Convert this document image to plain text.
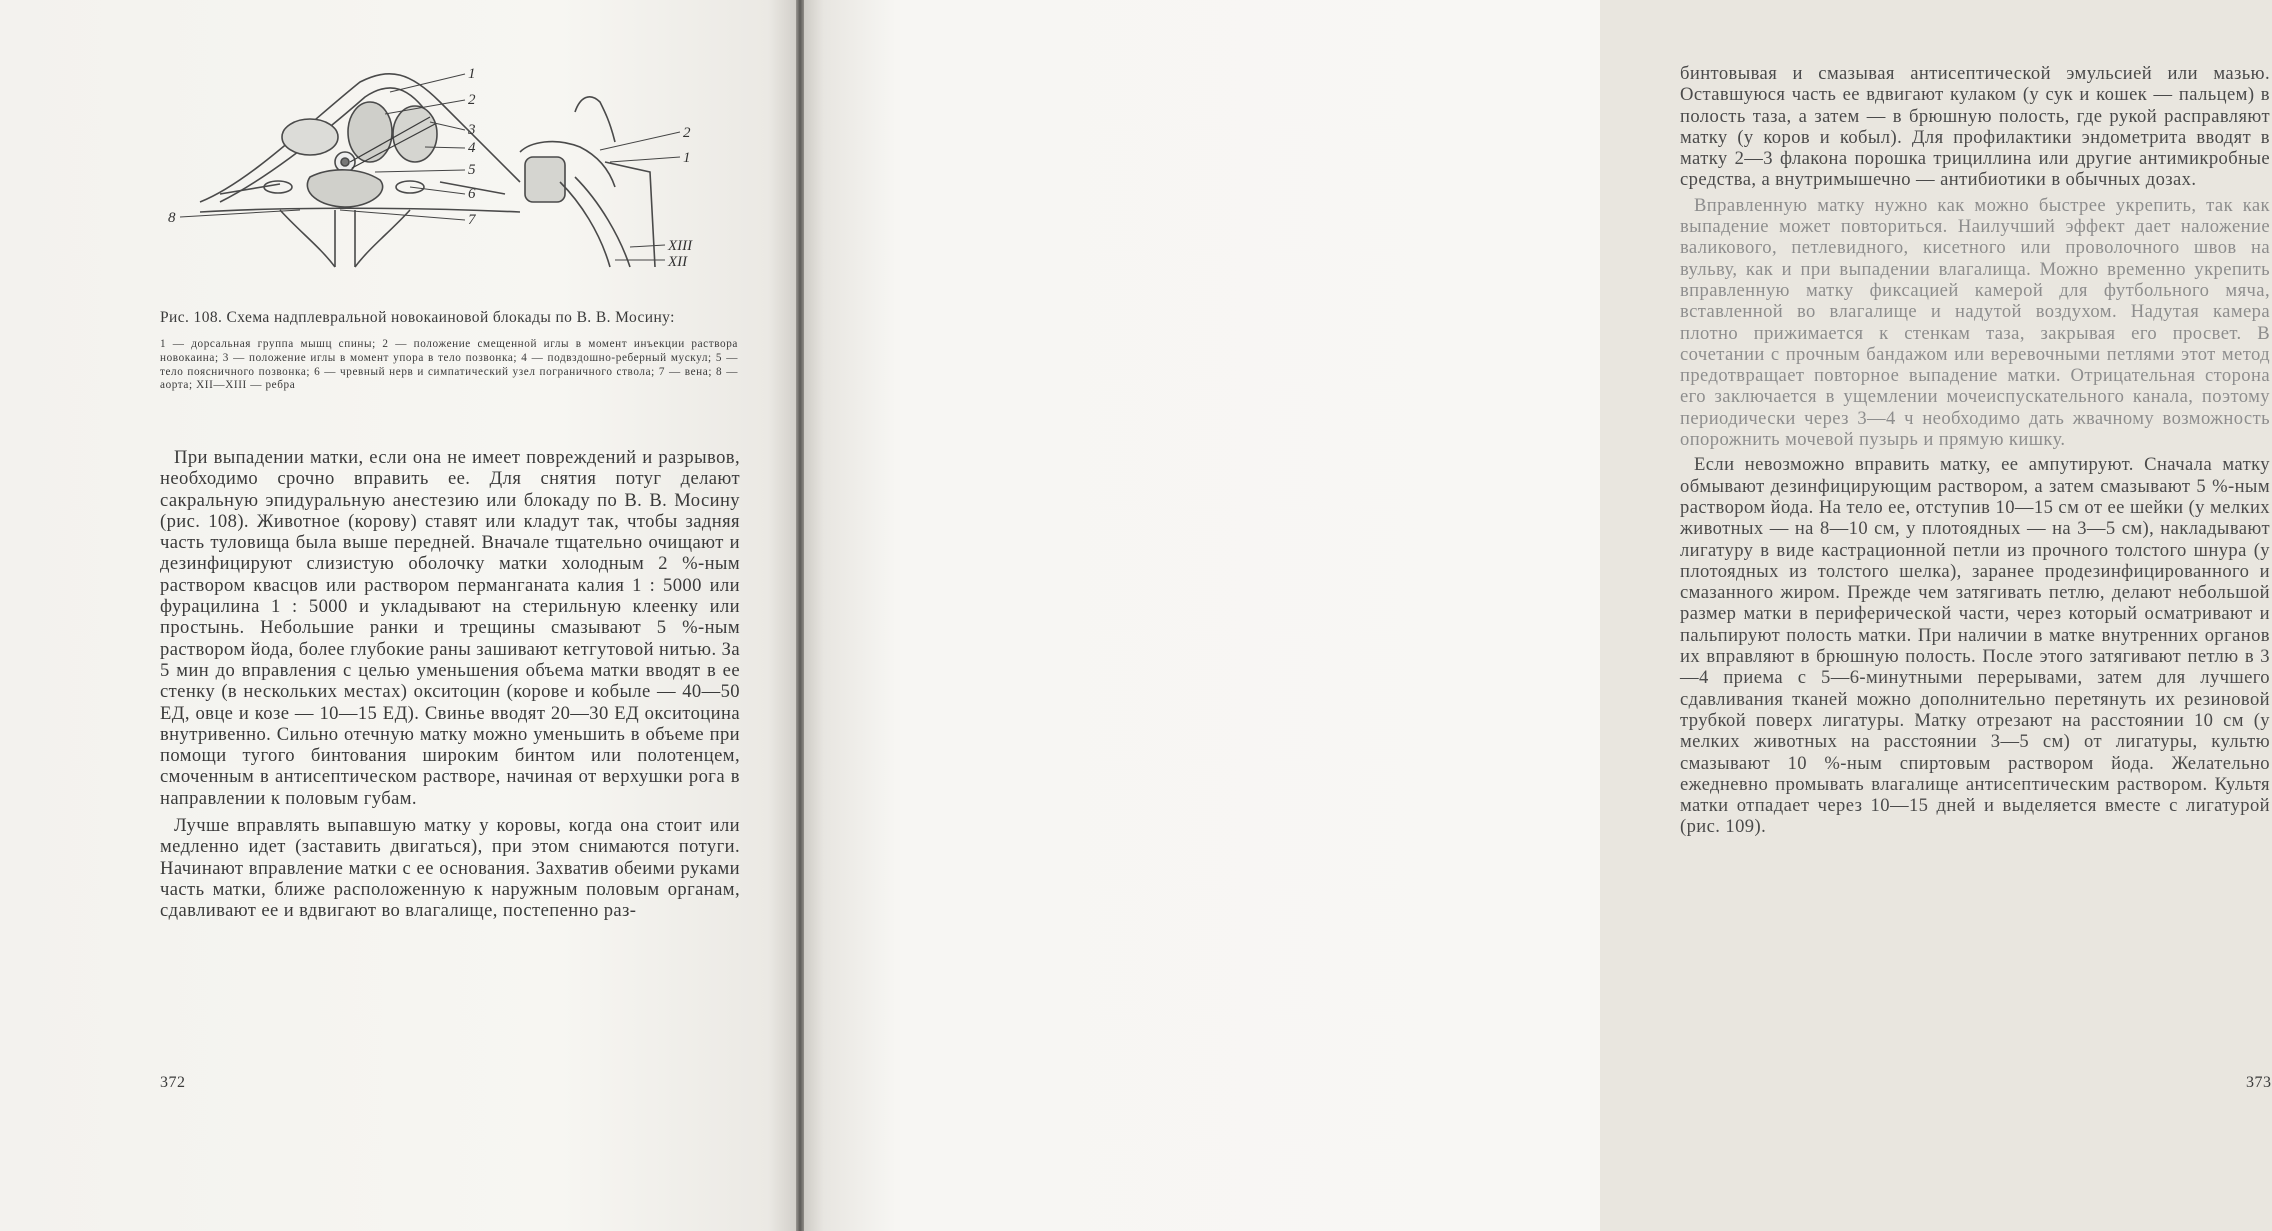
1
2
3
4
5
6
7
8
2
1
XIII
XII

Рис. 108. Схема надплевральной новокаиновой блокады по В. В. Мосину:

1 — дорсальная группа мышц спины; 2 — положение смещенной иглы в момент инъекции раствора новокаина; 3 — положение иглы в момент упора в тело позвонка; 4 — подвздошно-реберный мускул; 5 — тело поясничного позвонка; 6 — чревный нерв и симпатический узел пограничного ствола; 7 — вена; 8 — аорта; XII—XIII — ребра

При выпадении матки, если она не имеет повреждений и разрывов, необходимо срочно вправить ее. Для снятия потуг делают сакральную эпидуральную анестезию или блокаду по В. В. Мосину (рис. 108). Животное (корову) ставят или кладут так, чтобы задняя часть туловища была выше передней. Вначале тщательно очищают и дезинфицируют слизистую оболочку матки холодным 2 %-ным раствором квасцов или раствором перманганата калия 1 : 5000 или фурацилина 1 : 5000 и укладывают на стерильную клеенку или простынь. Небольшие ранки и трещины смазывают 5 %-ным раствором йода, более глубокие раны зашивают кетгутовой нитью. За 5 мин до вправления с целью уменьшения объема матки вводят в ее стенку (в нескольких местах) окситоцин (корове и кобыле — 40—50 ЕД, овце и козе — 10—15 ЕД). Свинье вводят 20—30 ЕД окситоцина внутривенно. Сильно отечную матку можно уменьшить в объеме при помощи тугого бинтования широким бинтом или полотенцем, смоченным в антисептическом растворе, начиная от верхушки рога в направлении к половым губам.

Лучше вправлять выпавшую матку у коровы, когда она стоит или медленно идет (заставить двигаться), при этом снимаются потуги. Начинают вправление матки с ее основания. Захватив обеими руками часть матки, ближе расположенную к наружным половым органам, сдавливают ее и вдвигают во влагалище, постепенно раз-

372

бинтовывая и смазывая антисептической эмульсией или мазью. Оставшуюся часть ее вдвигают кулаком (у сук и кошек — пальцем) в полость таза, а затем — в брюшную полость, где рукой расправляют матку (у коров и кобыл). Для профилактики эндометрита вводят в матку 2—3 флакона порошка трициллина или другие антимикробные средства, а внутримышечно — антибиотики в обычных дозах.

Вправленную матку нужно как можно быстрее укрепить, так как выпадение может повториться. Наилучший эффект дает наложение валикового, петлевидного, кисетного или проволочного швов на вульву, как и при выпадении влагалища. Можно временно укрепить вправленную матку фиксацией камерой для футбольного мяча, вставленной во влагалище и надутой воздухом. Надутая камера плотно прижимается к стенкам таза, закрывая его просвет. В сочетании с прочным бандажом или веревочными петлями этот метод предотвращает повторное выпадение матки. Отрицательная сторона его заключается в ущемлении мочеиспускательного канала, поэтому периодически через 3—4 ч необходимо дать жвачному возможность опорожнить мочевой пузырь и прямую кишку.

Если невозможно вправить матку, ее ампутируют. Сначала матку обмывают дезинфицирующим раствором, а затем смазывают 5 %-ным раствором йода. На тело ее, отступив 10—15 см от ее шейки (у мелких животных — на 8—10 см, у плотоядных — на 3—5 см), накладывают лигатуру в виде кастрационной петли из прочного толстого шнура (у плотоядных из толстого шелка), заранее продезинфицированного и смазанного жиром. Прежде чем затягивать петлю, делают небольшой размер матки в периферической части, через который осматривают и пальпируют полость матки. При наличии в матке внутренних органов их вправляют в брюшную полость. После этого затягивают петлю в 3—4 приема с 5—6-минутными перерывами, затем для лучшего сдавливания тканей можно дополнительно перетянуть их резиновой трубкой поверх лигатуры. Матку отрезают на расстоянии 10 см (у мелких животных на расстоянии 3—5 см) от лигатуры, культю смазывают 10 %-ным спиртовым раствором йода. Желательно ежедневно промывать влагалище антисептическим раствором. Культя матки отпадает через 10—15 дней и выделяется вместе с лигатурой (рис. 109).

373
